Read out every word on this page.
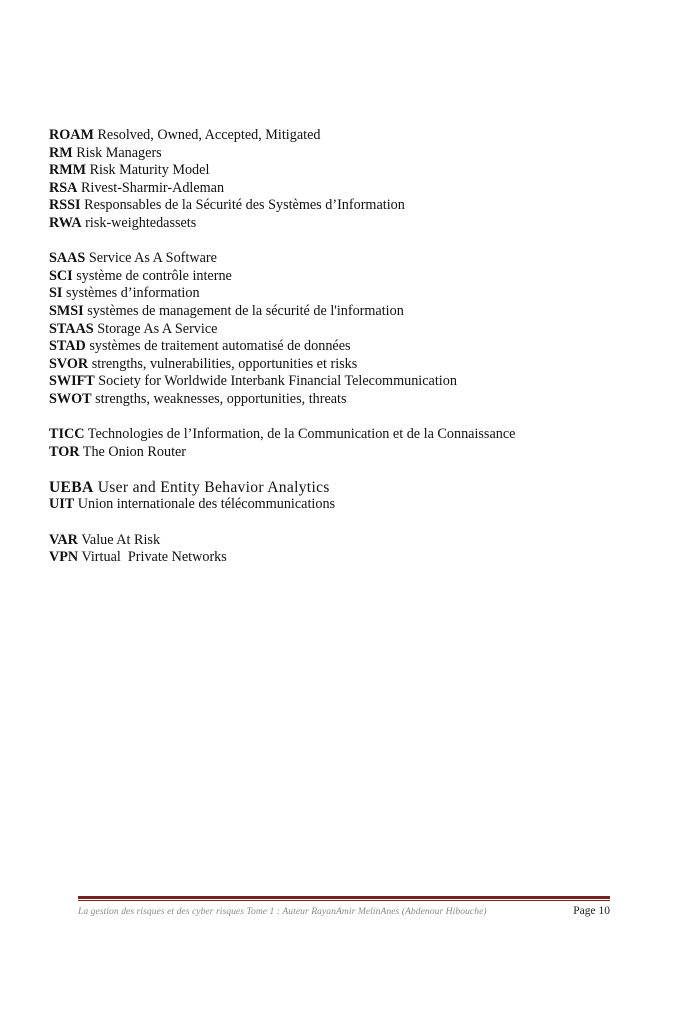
ROAM Resolved, Owned, Accepted, Mitigated
RM Risk Managers
RMM Risk Maturity Model
RSA Rivest-Sharmir-Adleman
RSSI Responsables de la Sécurité des Systèmes d’Information
RWA risk-weightedassets
SAAS Service As A Software
SCI système de contrôle interne
SI systèmes d’information
SMSI systèmes de management de la sécurité de l'information
STAAS Storage As A Service
STAD systèmes de traitement automatisé de données
SVOR strengths, vulnerabilities, opportunities et risks
SWIFT Society for Worldwide Interbank Financial Telecommunication
SWOT strengths, weaknesses, opportunities, threats
TICC Technologies de l’Information, de la Communication et de la Connaissance
TOR The Onion Router
UEBA User and Entity Behavior Analytics
UIT Union internationale des télécommunications
VAR Value At Risk
VPN Virtual  Private Networks
La gestion des risques et des cyber risques Tome 1 : Auteur RayanAmir MelinAnes (Abdenour Hibouche)	Page 10
